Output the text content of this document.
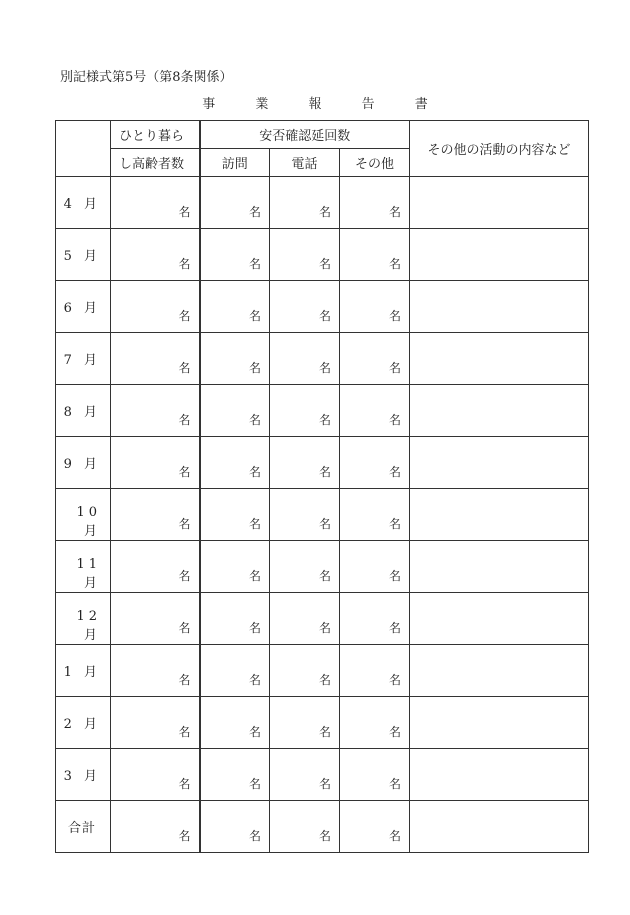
別記様式第5号（第8条関係）
事 業 報 告 書
	ひとり暮ら	安否確認延回数			その他の活動の内容など
	し高齢者数	訪問	電話	その他	
4 月	名	名	名	名	
5 月	名	名	名	名	
6 月	名	名	名	名	
7 月	名	名	名	名	
8 月	名	名	名	名	
9 月	名	名	名	名	
10 月	名	名	名	名	
11 月	名	名	名	名	
12 月	名	名	名	名	
1 月	名	名	名	名	
2 月	名	名	名	名	
3 月	名	名	名	名	
合計	名	名	名	名	
